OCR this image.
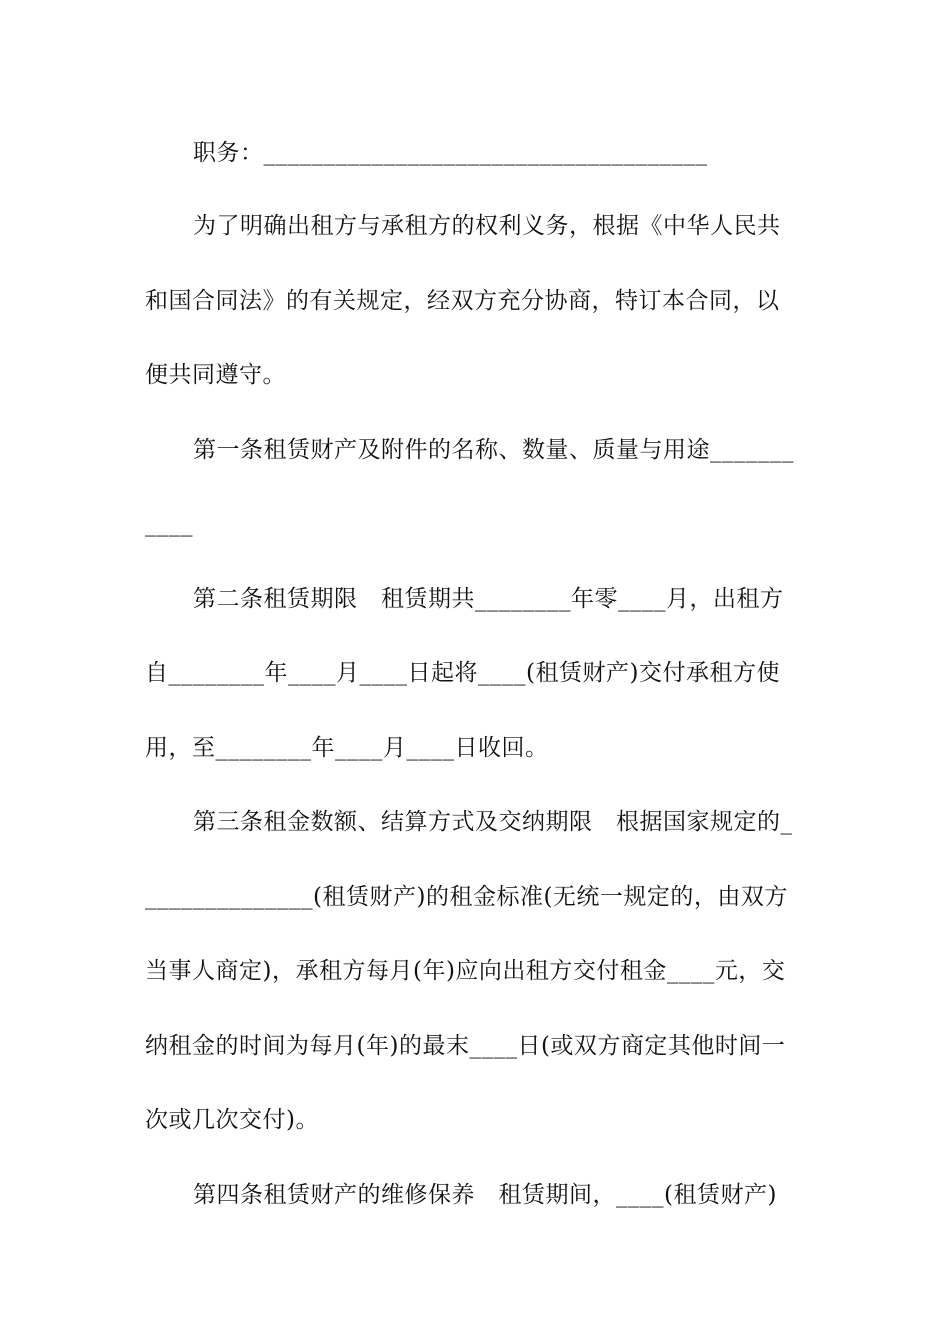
职务：_____________________________________
为了明确出租方与承租方的权利义务，根据《中华人民共
和国合同法》的有关规定，经双方充分协商，特订本合同，以
便共同遵守。
第一条租赁财产及附件的名称、数量、质量与用途_______
____
第二条租赁期限　租赁期共________年零____月，出租方
自________年____月____日起将____(租赁财产)交付承租方使
用，至________年____月____日收回。
第三条租金数额、结算方式及交纳期限　根据国家规定的_
______________(租赁财产)的租金标准(无统一规定的，由双方
当事人商定)，承租方每月(年)应向出租方交付租金____元，交
纳租金的时间为每月(年)的最末____日(或双方商定其他时间一
次或几次交付)。
第四条租赁财产的维修保养　租赁期间，____(租赁财产)
